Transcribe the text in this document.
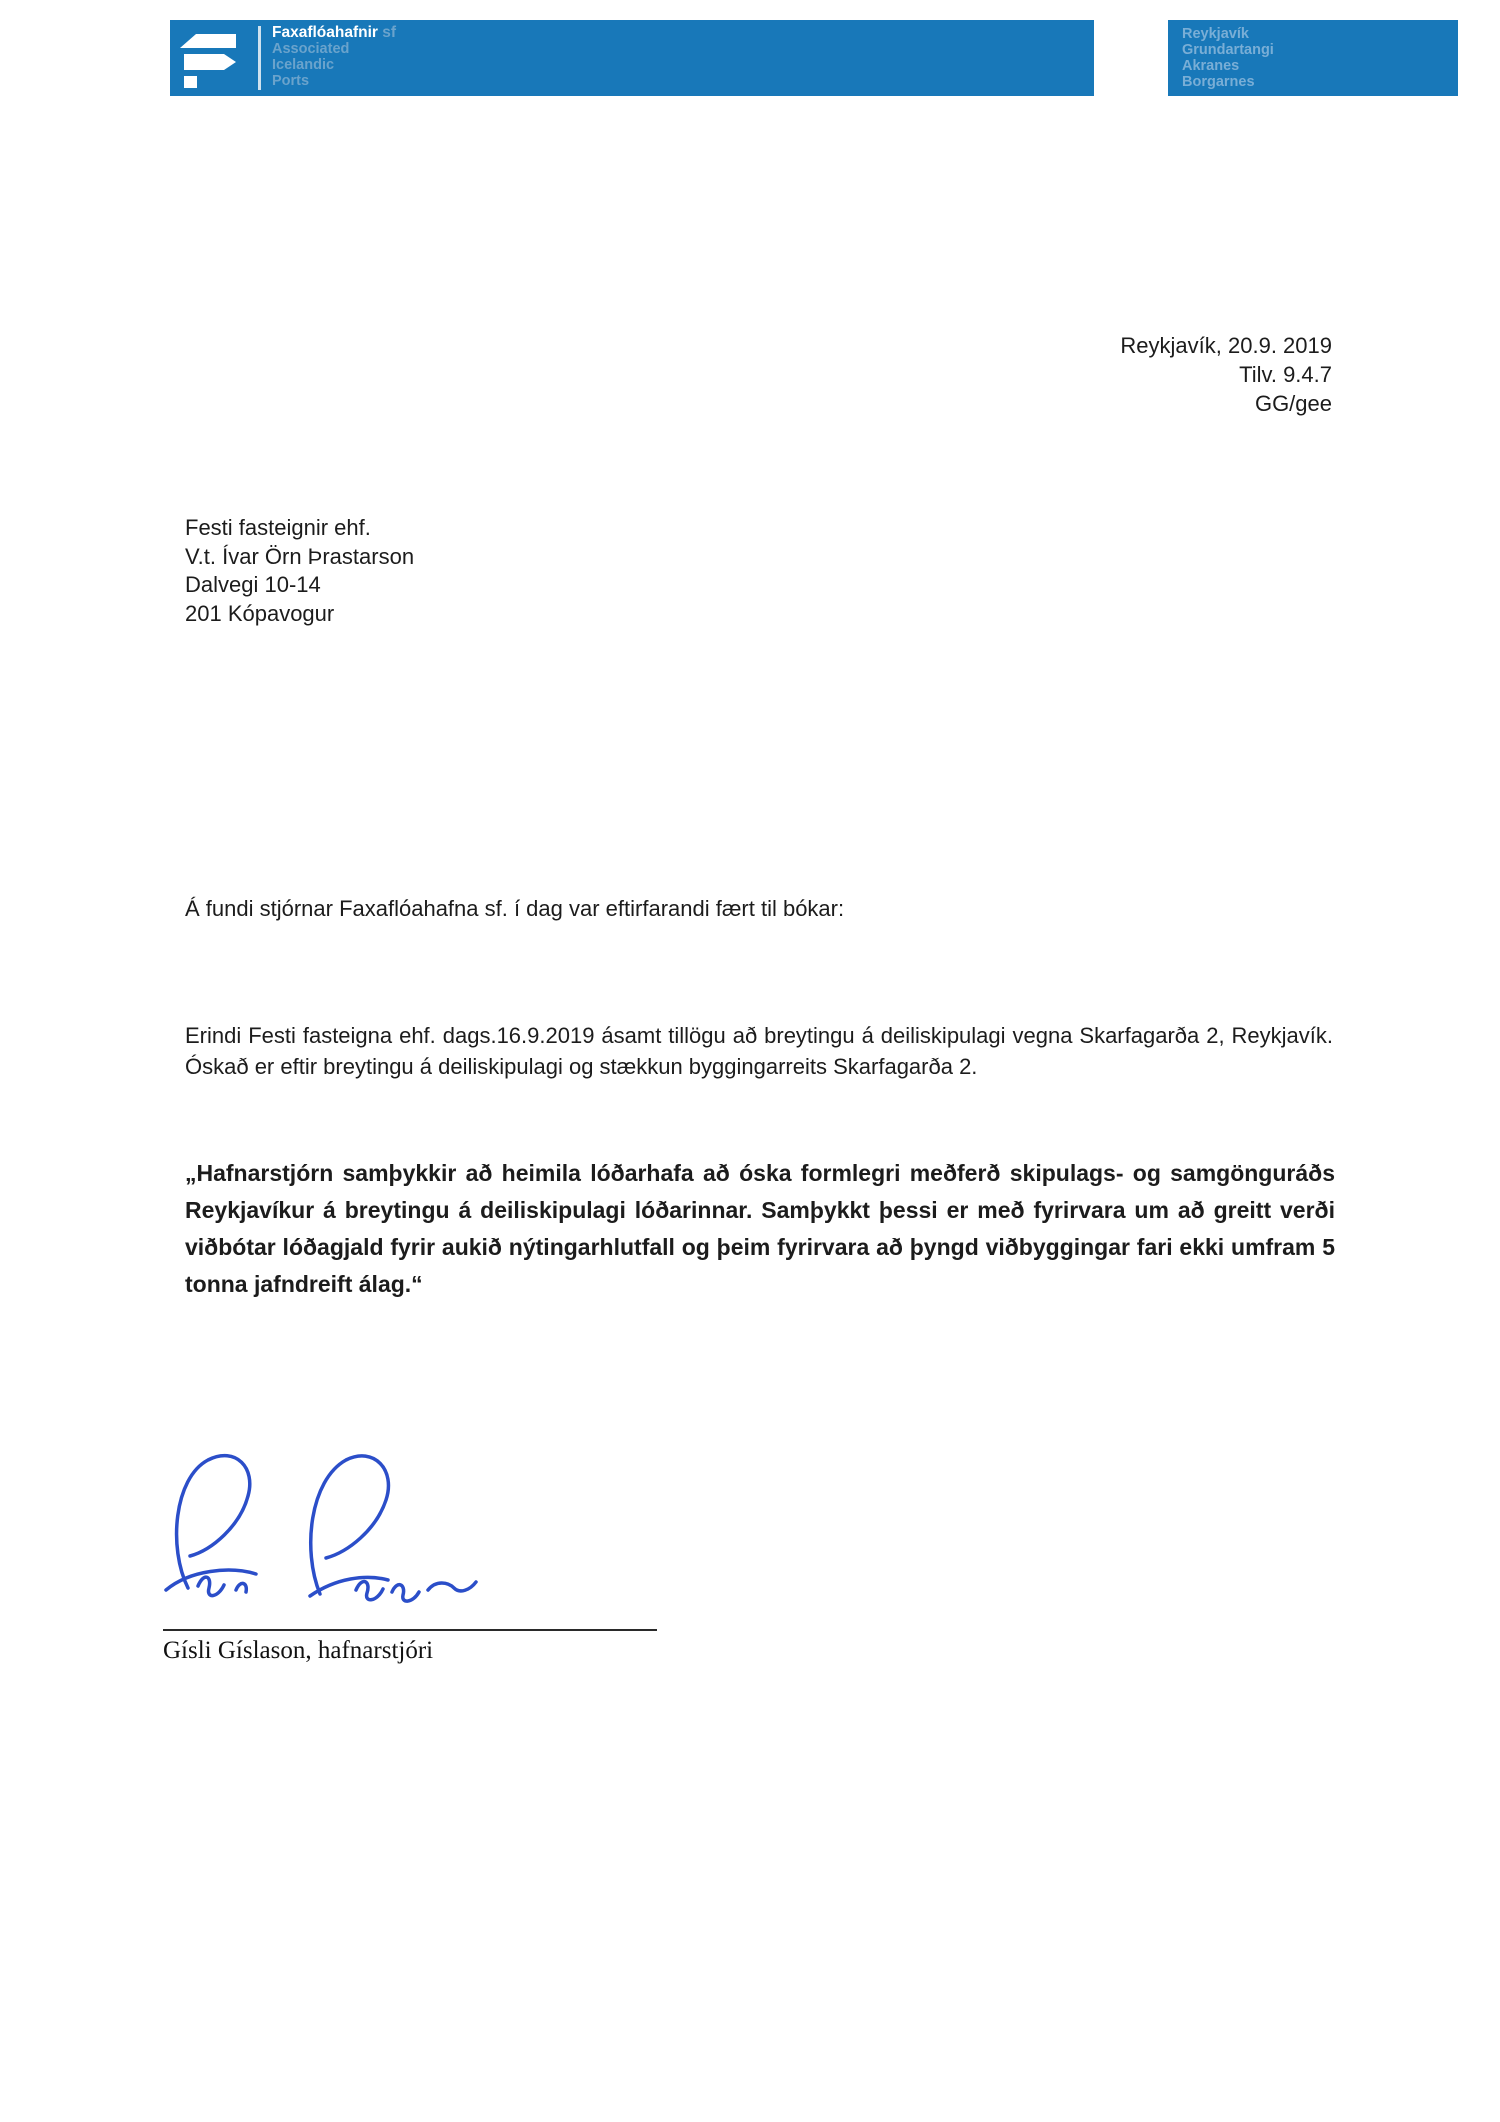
Faxaflóahafnir sf
Associated
Icelandic
Ports
Reykjavík
Grundartangi
Akranes
Borgarnes
Reykjavík, 20.9. 2019
Tilv. 9.4.7
GG/gee
Festi fasteignir ehf.
V.t. Ívar Örn Þrastarson
Dalvegi 10-14
201 Kópavogur
Á fundi stjórnar Faxaflóahafna sf. í dag var eftirfarandi fært til bókar:

Erindi Festi fasteigna ehf. dags.16.9.2019 ásamt tillögu að breytingu á deiliskipulagi vegna Skarfagarða 2, Reykjavík. Óskað er eftir breytingu á deiliskipulagi og stækkun byggingarreits Skarfagarða 2.

„Hafnarstjórn samþykkir að heimila lóðarhafa að óska formlegri meðferð skipulags- og samgönguráðs Reykjavíkur á breytingu á deiliskipulagi lóðarinnar. Samþykkt þessi er með fyrirvara um að greitt verði viðbótar lóðagjald fyrir aukið nýtingarhlutfall og þeim fyrirvara að þyngd viðbyggingar fari ekki umfram 5 tonna jafndreift álag.“

Gísli Gíslason, hafnarstjóri
